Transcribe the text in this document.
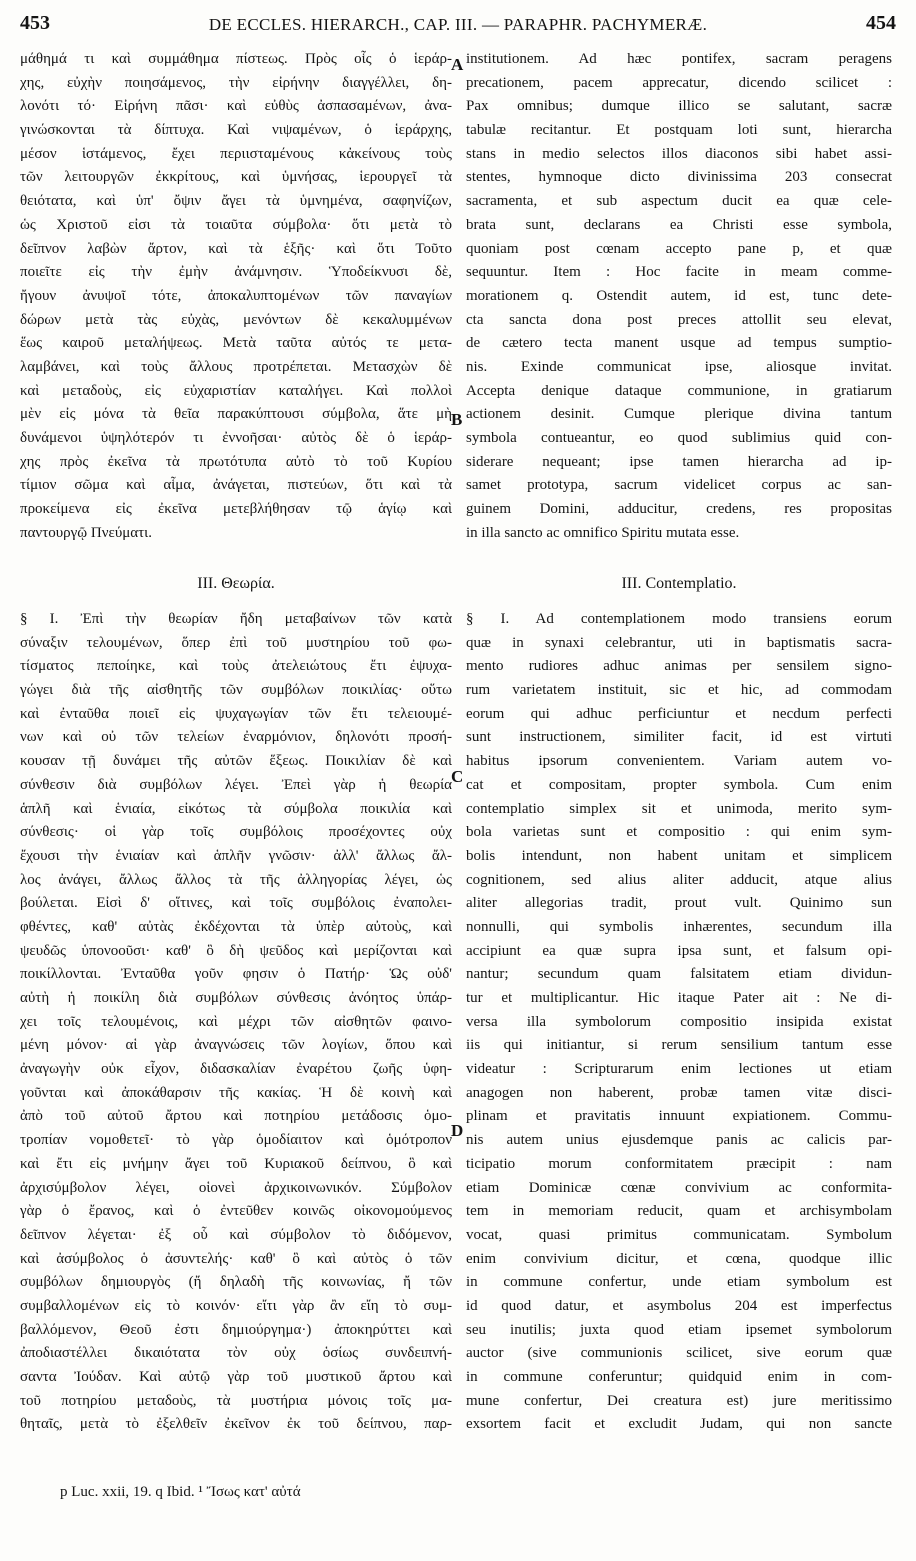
453	DE ECCLES. HIERARCH., CAP. III. — PARAPHR. PACHYMERÆ.	454
μάθημά τι καὶ συμμάθημα πίστεως. Πρὸς οἷς ὁ ἱεράρ-
χης, εὐχὴν ποιησάμενος, τὴν εἰρήνην διαγγέλλει, δη-
λονότι τό· Εἰρήνη πᾶσι· καὶ εὐθὺς ἀσπασαμένων, ἀνα-
γινώσκονται τὰ δίπτυχα. Καὶ νιψαμένων, ὁ ἱεράρχης,
μέσον ἱστάμενος, ἔχει περιισταμένους κἀκείνους τοὺς
τῶν λειτουργῶν ἐκκρίτους, καὶ ὑμνήσας, ἱερουργεῖ τὰ
θειότατα, καὶ ὑπ' ὄψιν ἄγει τὰ ὑμνημένα, σαφηνίζων,
ὡς Χριστοῦ εἰσι τὰ τοιαῦτα σύμβολα· ὅτι μετὰ τὸ
δεῖπνον λαβὼν ἄρτον, καὶ τὰ ἑξῆς· καὶ ὅτι Τοῦτο
ποιεῖτε εἰς τὴν ἐμὴν ἀνάμνησιν. Ὑποδείκνυσι δὲ,
ἤγουν ἀνυψοῖ τότε, ἀποκαλυπτομένων τῶν παναγίων
δώρων μετὰ τὰς εὐχὰς, μενόντων δὲ κεκαλυμμένων
ἕως καιροῦ μεταλήψεως. Μετὰ ταῦτα αὐτός τε μετα-
λαμβάνει, καὶ τοὺς ἄλλους προτρέπεται. Μετασχὼν δὲ
καὶ μεταδοὺς, εἰς εὐχαριστίαν καταλήγει. Καὶ πολλοὶ
μὲν εἰς μόνα τὰ θεῖα παρακύπτουσι σύμβολα, ἅτε μὴ
δυνάμενοι ὑψηλότερόν τι ἐννοῆσαι· αὐτὸς δὲ ὁ ἱεράρ-
χης πρὸς ἐκεῖνα τὰ πρωτότυπα αὐτὸ τὸ τοῦ Κυρίου
τίμιον σῶμα καὶ αἷμα, ἀνάγεται, πιστεύων, ὅτι καὶ τὰ
προκείμενα εἰς ἐκεῖνα μετεβλήθησαν τῷ ἁγίῳ καὶ
παντουργῷ Πνεύματι.
institutionem. Ad hæc pontifex, sacram peragens
precationem, pacem apprecatur, dicendo scilicet :
Pax omnibus; dumque illico se salutant, sacræ
tabulæ recitantur. Et postquam loti sunt, hierarcha
stans in medio selectos illos diaconos sibi habet assi-
stentes, hymnoque dicto divinissima 203 consecrat
sacramenta, et sub aspectum ducit ea quæ cele-
brata sunt, declarans ea Christi esse symbola,
quoniam post cœnam accepto pane p, et quæ
sequuntur. Item : Hoc facite in meam comme-
morationem q. Ostendit autem, id est, tunc dete-
cta sancta dona post preces attollit seu elevat,
de cætero tecta manent usque ad tempus sumptio-
nis. Exinde communicat ipse, aliosque invitat.
Accepta denique dataque communione, in gratiarum
actionem desinit. Cumque plerique divina tantum
symbola contueantur, eo quod sublimius quid con-
siderare nequeant; ipse tamen hierarcha ad ip-
samet prototypa, sacrum videlicet corpus ac san-
guinem Domini, adducitur, credens, res propositas
in illa sancto ac omnifico Spiritu mutata esse.
III. Θεωρία.	III. Contemplatio.
§ I. Ἐπὶ τὴν θεωρίαν ἤδη μεταβαίνων τῶν κατὰ
σύναξιν τελουμένων, ὅπερ ἐπὶ τοῦ μυστηρίου τοῦ φω-
τίσματος πεποίηκε, καὶ τοὺς ἀτελειώτους ἔτι ἐψυχα-
γώγει διὰ τῆς αἰσθητῆς τῶν συμβόλων ποικιλίας· οὕτω
καὶ ἐνταῦθα ποιεῖ εἰς ψυχαγωγίαν τῶν ἔτι τελειουμέ-
νων καὶ οὐ τῶν τελείων ἐναρμόνιον, δηλονότι προσή-
κουσαν τῇ δυνάμει τῆς αὐτῶν ἕξεως. Ποικιλίαν δὲ καὶ
σύνθεσιν διὰ συμβόλων λέγει. Ἐπεὶ γὰρ ἡ θεωρία
ἁπλῆ καὶ ἑνιαία, εἰκότως τὰ σύμβολα ποικιλία καὶ
σύνθεσις· οἱ γὰρ τοῖς συμβόλοις προσέχοντες οὐχ
ἔχουσι τὴν ἑνιαίαν καὶ ἁπλῆν γνῶσιν· ἀλλ' ἄλλως ἄλ-
λος ἀνάγει, ἄλλως ἄλλος τὰ τῆς ἀλληγορίας λέγει, ὡς
βούλεται. Εἰσὶ δ' οἵτινες, καὶ τοῖς συμβόλοις ἐναπολει-
φθέντες, καθ' αὐτὰς ἐκδέχονται τὰ ὑπὲρ αὐτοὺς, καὶ
ψευδῶς ὑπονοοῦσι· καθ' ὃ δὴ ψεῦδος καὶ μερίζονται καὶ
ποικίλλονται. Ἐνταῦθα γοῦν φησιν ὁ Πατήρ· Ὡς οὐδ'
αὐτὴ ἡ ποικίλη διὰ συμβόλων σύνθεσις ἀνόητος ὑπάρ-
χει τοῖς τελουμένοις, καὶ μέχρι τῶν αἰσθητῶν φαινο-
μένη μόνον· αἱ γὰρ ἀναγνώσεις τῶν λογίων, ὅπου καὶ
ἀναγωγὴν οὐκ εἶχον, διδασκαλίαν ἐναρέτου ζωῆς ὑφη-
γοῦνται καὶ ἀποκάθαρσιν τῆς κακίας. Ἡ δὲ κοινὴ καὶ
ἀπὸ τοῦ αὐτοῦ ἄρτου καὶ ποτηρίου μετάδοσις ὁμο-
τροπίαν νομοθετεῖ· τὸ γὰρ ὁμοδίαιτον καὶ ὁμότροπον
καὶ ἔτι εἰς μνήμην ἄγει τοῦ Κυριακοῦ δείπνου, ὃ καὶ
ἀρχισύμβολον λέγει, οἱονεὶ ἀρχικοινωνικόν. Σύμβολον
γὰρ ὁ ἔρανος, καὶ ὁ ἐντεῦθεν κοινῶς οἰκονομούμενος
δεῖπνον λέγεται· ἐξ οὗ καὶ σύμβολον τὸ διδόμενον,
καὶ ἀσύμβολος ὁ ἀσυντελής· καθ' ὃ καὶ αὐτὸς ὁ τῶν
συμβόλων δημιουργὸς (ἤ δηλαδὴ τῆς κοινωνίας, ἤ τῶν
συμβαλλομένων εἰς τὸ κοινόν· εἴτι γὰρ ἂν εἴη τὸ συμ-
βαλλόμενον, Θεοῦ ἐστι δημιούργημα·) ἀποκηρύττει καὶ
ἀποδιαστέλλει δικαιότατα τὸν οὐχ ὁσίως συνδειπνή-
σαντα Ἰούδαν. Καὶ αὐτῷ γὰρ τοῦ μυστικοῦ ἄρτου καὶ
τοῦ ποτηρίου μεταδοὺς, τὰ μυστήρια μόνοις τοῖς μα-
θηταῖς, μετὰ τὸ ἐξελθεῖν ἐκεῖνον ἐκ τοῦ δείπνου, παρ-
§ I. Ad contemplationem modo transiens eorum
quæ in synaxi celebrantur, uti in baptismatis sacra-
mento rudiores adhuc animas per sensilem signo-
rum varietatem instituit, sic et hic, ad commodam
eorum qui adhuc perficiuntur et necdum perfecti
sunt instructionem, similiter facit, id est virtuti
habitus ipsorum convenientem. Variam autem vo-
cat et compositam, propter symbola. Cum enim
contemplatio simplex sit et unimoda, merito sym-
bola varietas sunt et compositio : qui enim sym-
bolis intendunt, non habent unitam et simplicem
cognitionem, sed alius aliter adducit, atque alius
aliter allegorias tradit, prout vult. Quinimo sun
nonnulli, qui symbolis inhærentes, secundum illa
accipiunt ea quæ supra ipsa sunt, et falsum opi-
nantur; secundum quam falsitatem etiam dividun-
tur et multiplicantur. Hic itaque Pater ait : Ne di-
versa illa symbolorum compositio insipida existat
iis qui initiantur, si rerum sensilium tantum esse
videatur : Scripturarum enim lectiones ut etiam
anagogen non haberent, probæ tamen vitæ disci-
plinam et pravitatis innuunt expiationem. Commu-
nis autem unius ejusdemque panis ac calicis par-
ticipatio morum conformitatem præcipit : nam
etiam Dominicæ cœnæ convivium ac conformita-
tem in memoriam reducit, quam et archisymbolam
vocat, quasi primitus communicatam. Symbolum
enim convivium dicitur, et cœna, quodque illic
in commune confertur, unde etiam symbolum est
id quod datur, et asymbolus 204 est imperfectus
seu inutilis; juxta quod etiam ipsemet symbolorum
auctor (sive communionis scilicet, sive eorum quæ
in commune conferuntur; quidquid enim in com-
mune confertur, Dei creatura est) jure meritissimo
exsortem facit et excludit Judam, qui non sancte
A
B
C
D
p Luc. xxii, 19. q Ibid. ¹ Ἴσως κατ' αὐτά
